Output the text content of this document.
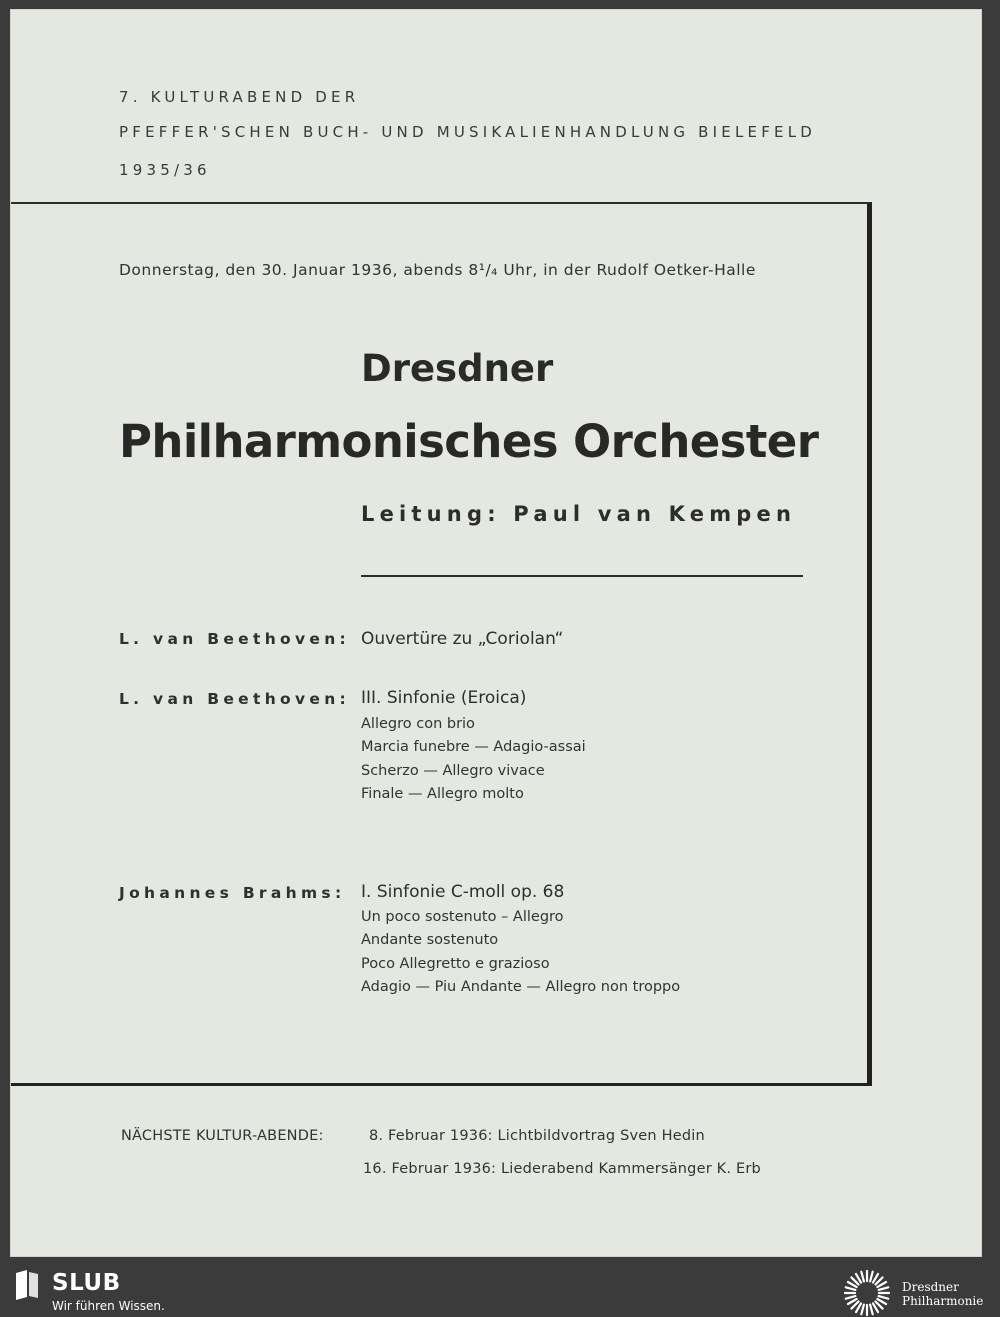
7. KULTURABEND DER
PFEFFER'SCHEN BUCH- UND MUSIKALIENHANDLUNG BIELEFELD
1935/36
Donnerstag, den 30. Januar 1936, abends 8¹/₄ Uhr, in der Rudolf Oetker-Halle
Dresdner
Philharmonisches Orchester
Leitung: Paul van Kempen
L. van Beethoven: Ouvertüre zu „Coriolan“
L. van Beethoven: III. Sinfonie (Eroica)
Allegro con brio
Marcia funebre — Adagio-assai
Scherzo — Allegro vivace
Finale — Allegro molto
Johannes Brahms: I. Sinfonie C-moll op. 68
Un poco sostenuto – Allegro
Andante sostenuto
Poco Allegretto e grazioso
Adagio — Piu Andante — Allegro non troppo
NÄCHSTE KULTUR-ABENDE:	8. Februar 1936: Lichtbildvortrag Sven Hedin
16. Februar 1936: Liederabend Kammersänger K. Erb
SLUB
Wir führen Wissen.
Dresdner
Philharmonie
